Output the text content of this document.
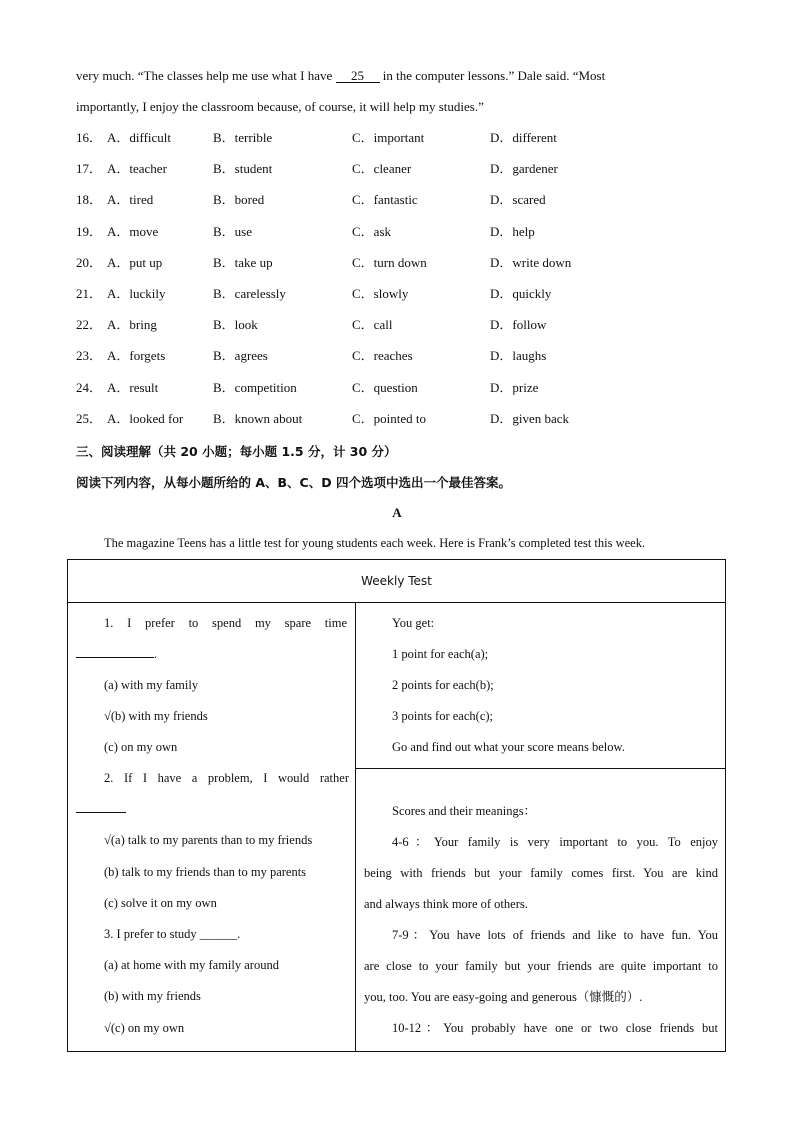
very much. “The classes help me use what I have 25 in the computer lessons.” Dale said. “Most
importantly, I enjoy the classroom because, of course, it will help my studies.”
16． A．difficult	B．terrible	C．important	D．different
17． A．teacher	B．student	C．cleaner	D．gardener
18． A．tired	B．bored	C．fantastic	D．scared
19． A．move	B．use	C．ask	D．help
20． A．put up	B．take up	C．turn down	D．write down
21． A．luckily	B．carelessly	C．slowly	D．quickly
22． A．bring	B．look	C．call	D．follow
23． A．forgets	B．agrees	C．reaches	D．laughs
24． A．result	B．competition	C．question	D．prize
25． A．looked for B．known about	C．pointed to	D．given back
三、阅读理解（共 20 小题；每小题 1.5 分，计 30 分）
阅读下列内容，从每小题所给的 A、B、C、D 四个选项中选出一个最佳答案。
A
The magazine Teens has a little test for young students each week. Here is Frank’s completed test this week.
Weekly Test
1. I prefer to spend my spare time
.
(a) with my family
√(b) with my friends
(c) on my own
2. If I have a problem, I would rather
√(a) talk to my parents than to my friends
(b) talk to my friends than to my parents
(c) solve it on my own
3. I prefer to study ______.
(a) at home with my family around
(b) with my friends
√(c) on my own
You get:
1 point for each(a);
2 points for each(b);
3 points for each(c);
Go and find out what your score means below.
Scores and their meanings：
4-6：Your family is very important to you. To enjoy
being with friends but your family comes first. You are kind
and always think more of others.
7-9：You have lots of friends and like to have fun. You
are close to your family but your friends are quite important to
you, too. You are easy-going and generous（慷慨的）.
10-12：You probably have one or two close friends but
